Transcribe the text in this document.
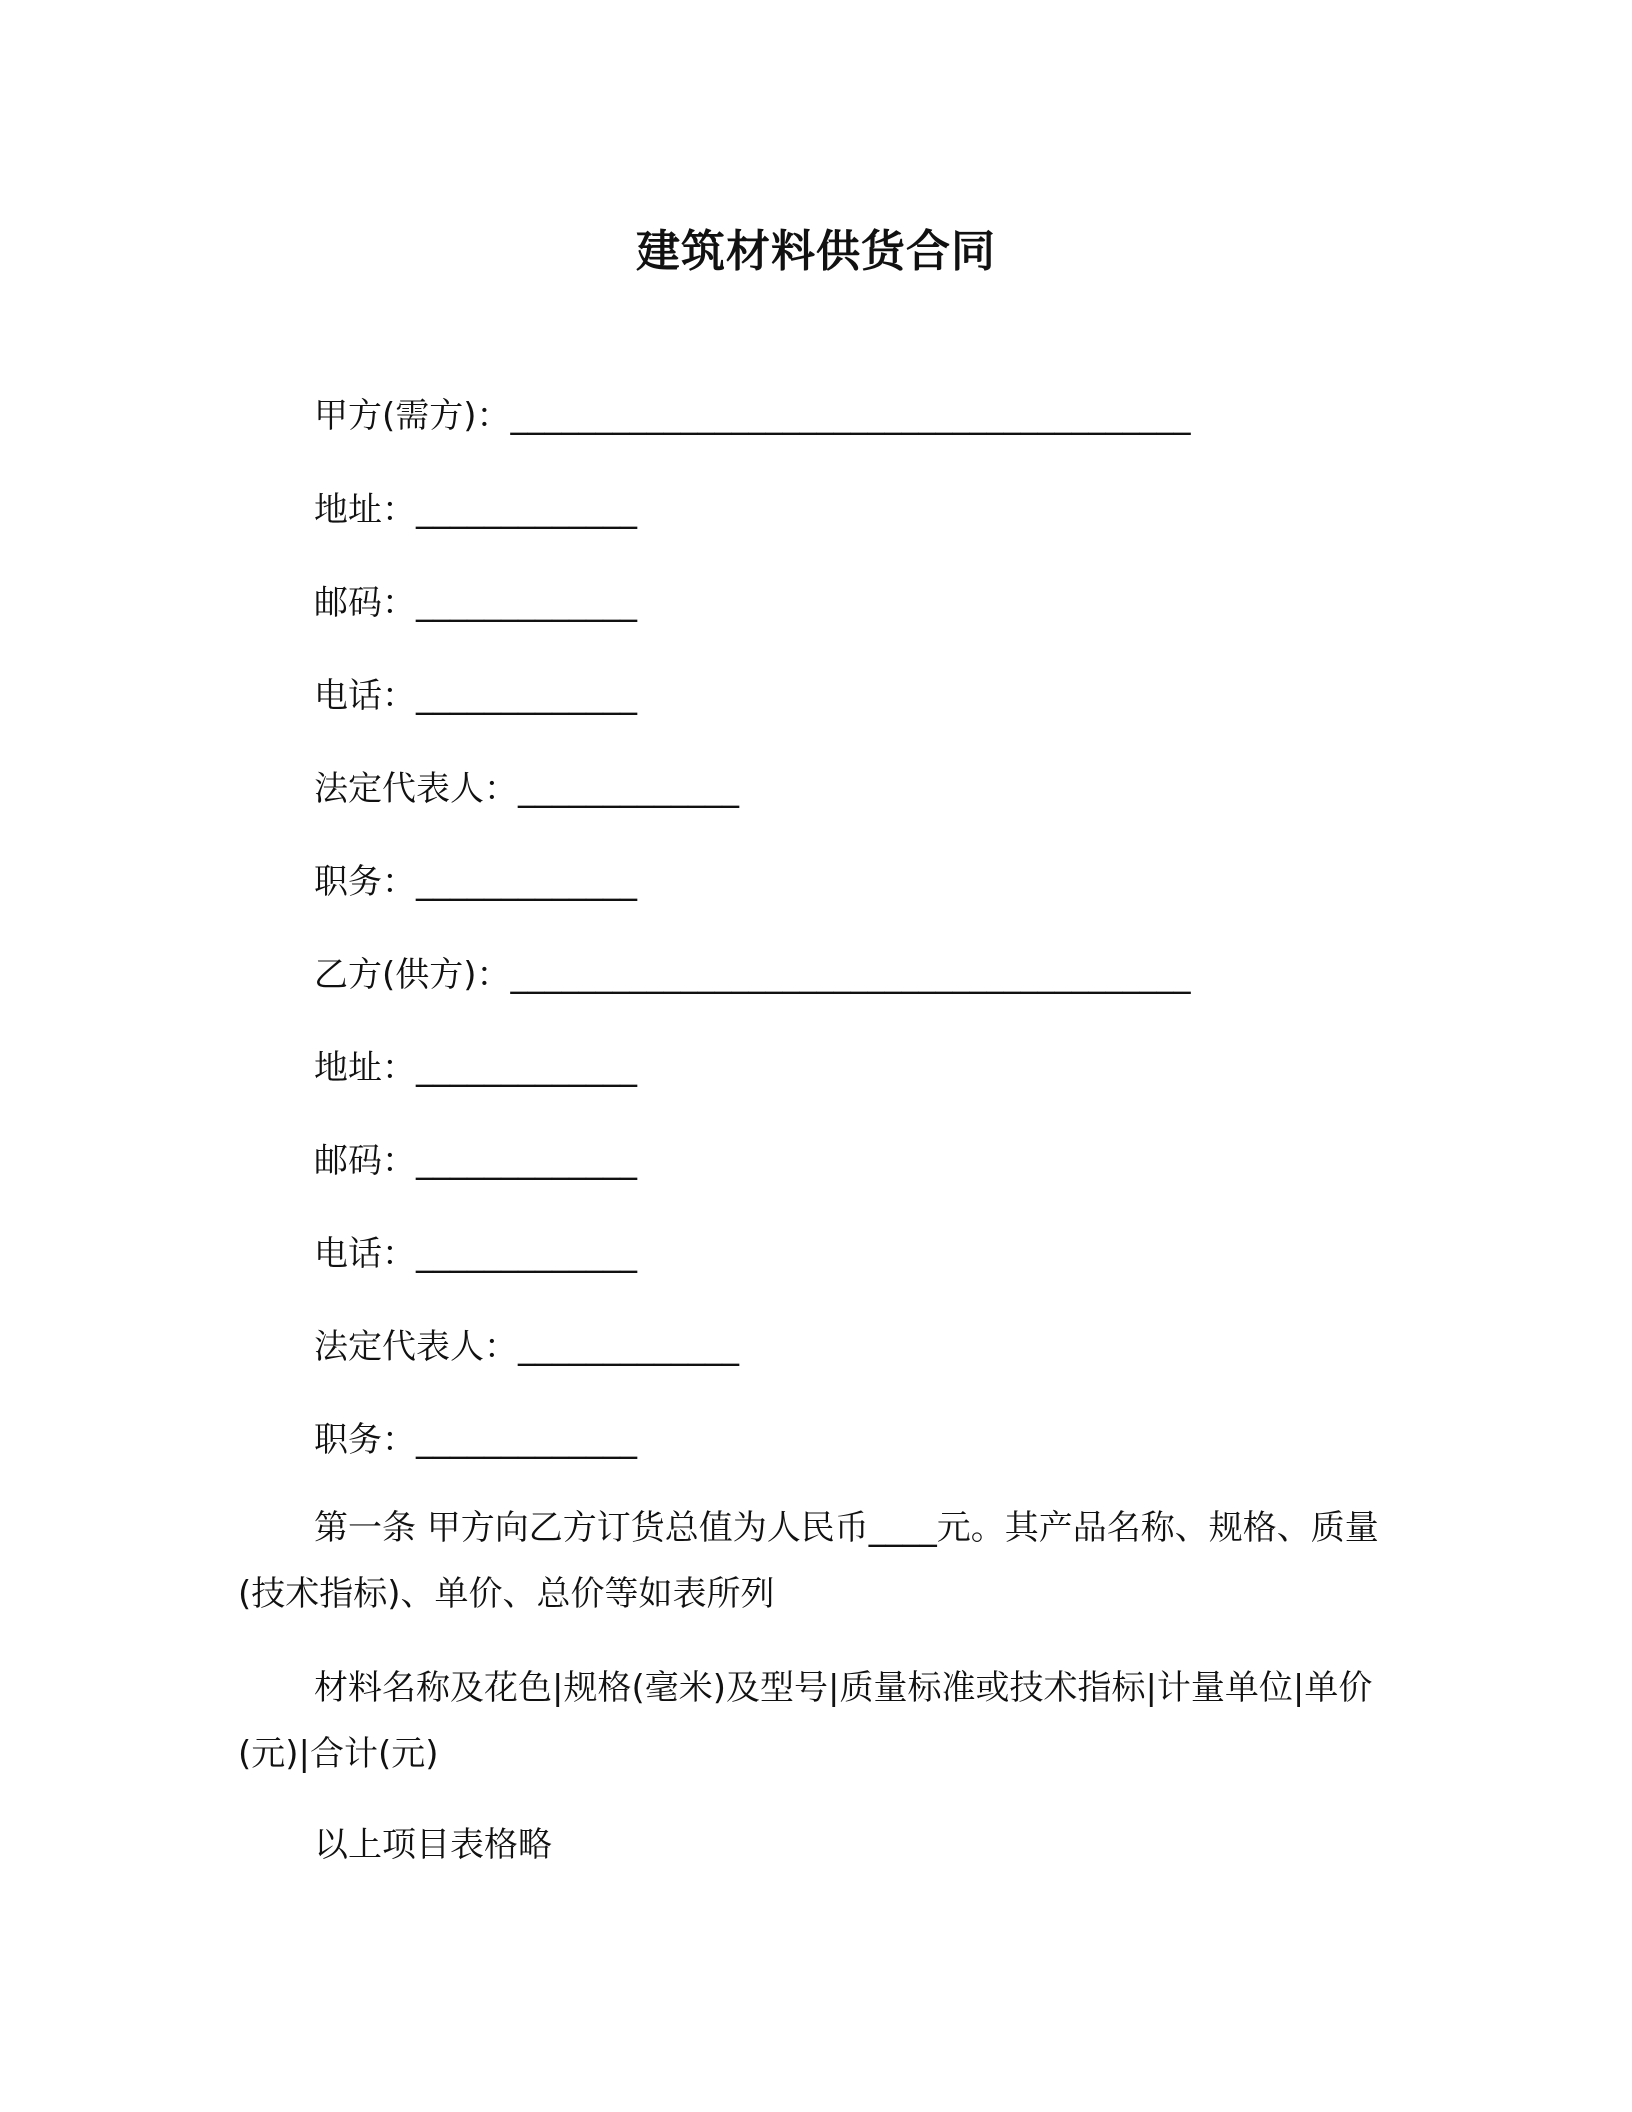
建筑材料供货合同
甲方(需方)：________________________________________
地址：_____________
邮码：_____________
电话：_____________
法定代表人：_____________
职务：_____________
乙方(供方)：________________________________________
地址：_____________
邮码：_____________
电话：_____________
法定代表人：_____________
职务：_____________
第一条 甲方向乙方订货总值为人民币____元。其产品名称、规格、质量(技术指标)、单价、总价等如表所列
材料名称及花色|规格(毫米)及型号|质量标准或技术指标|计量单位|单价(元)|合计(元)
以上项目表格略
